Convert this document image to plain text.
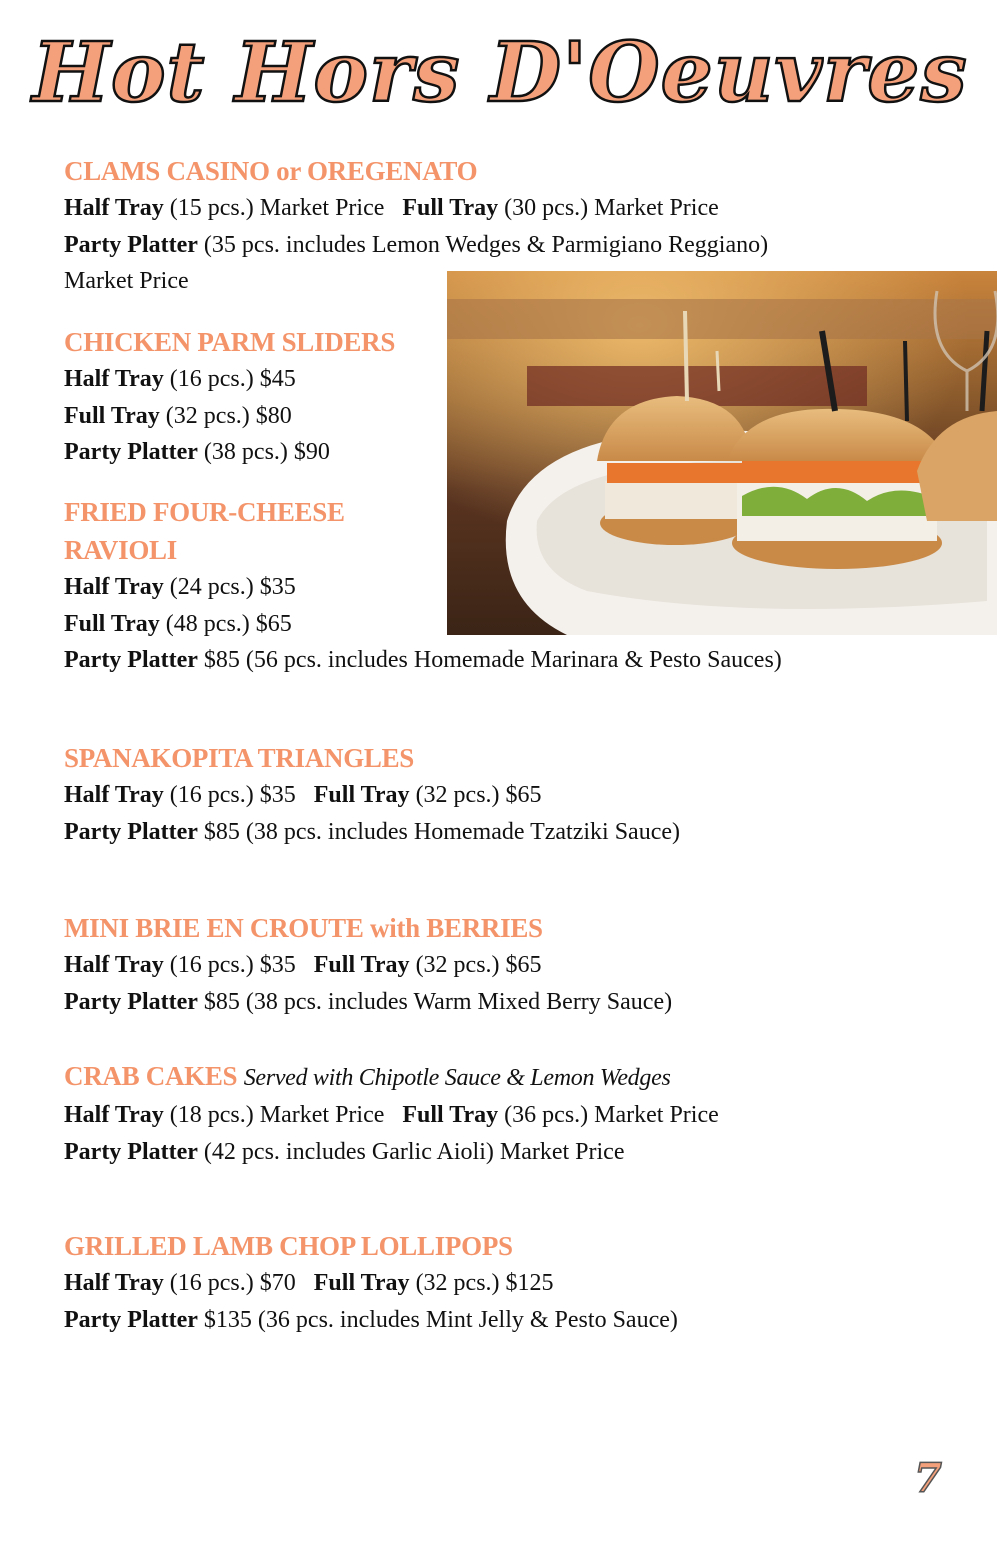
Hot Hors D'Oeuvres
CLAMS CASINO or OREGENATO
Half Tray (15 pcs.) Market Price Full Tray (30 pcs.) Market Price
Party Platter (35 pcs. includes Lemon Wedges & Parmigiano Reggiano)
Market Price
CHICKEN PARM SLIDERS
Half Tray (16 pcs.) $45
Full Tray (32 pcs.) $80
Party Platter (38 pcs.) $90
FRIED FOUR-CHEESE
RAVIOLI
Half Tray (24 pcs.) $35
Full Tray (48 pcs.) $65
Party Platter $85 (56 pcs. includes Homemade Marinara & Pesto Sauces)
SPANAKOPITA TRIANGLES
Half Tray (16 pcs.) $35 Full Tray (32 pcs.) $65
Party Platter $85 (38 pcs. includes Homemade Tzatziki Sauce)
MINI BRIE EN CROUTE with BERRIES
Half Tray (16 pcs.) $35 Full Tray (32 pcs.) $65
Party Platter $85 (38 pcs. includes Warm Mixed Berry Sauce)
CRAB CAKES Served with Chipotle Sauce & Lemon Wedges
Half Tray (18 pcs.) Market Price Full Tray (36 pcs.) Market Price
Party Platter (42 pcs. includes Garlic Aioli) Market Price
GRILLED LAMB CHOP LOLLIPOPS
Half Tray (16 pcs.) $70 Full Tray (32 pcs.) $125
Party Platter $135 (36 pcs. includes Mint Jelly & Pesto Sauce)
7
